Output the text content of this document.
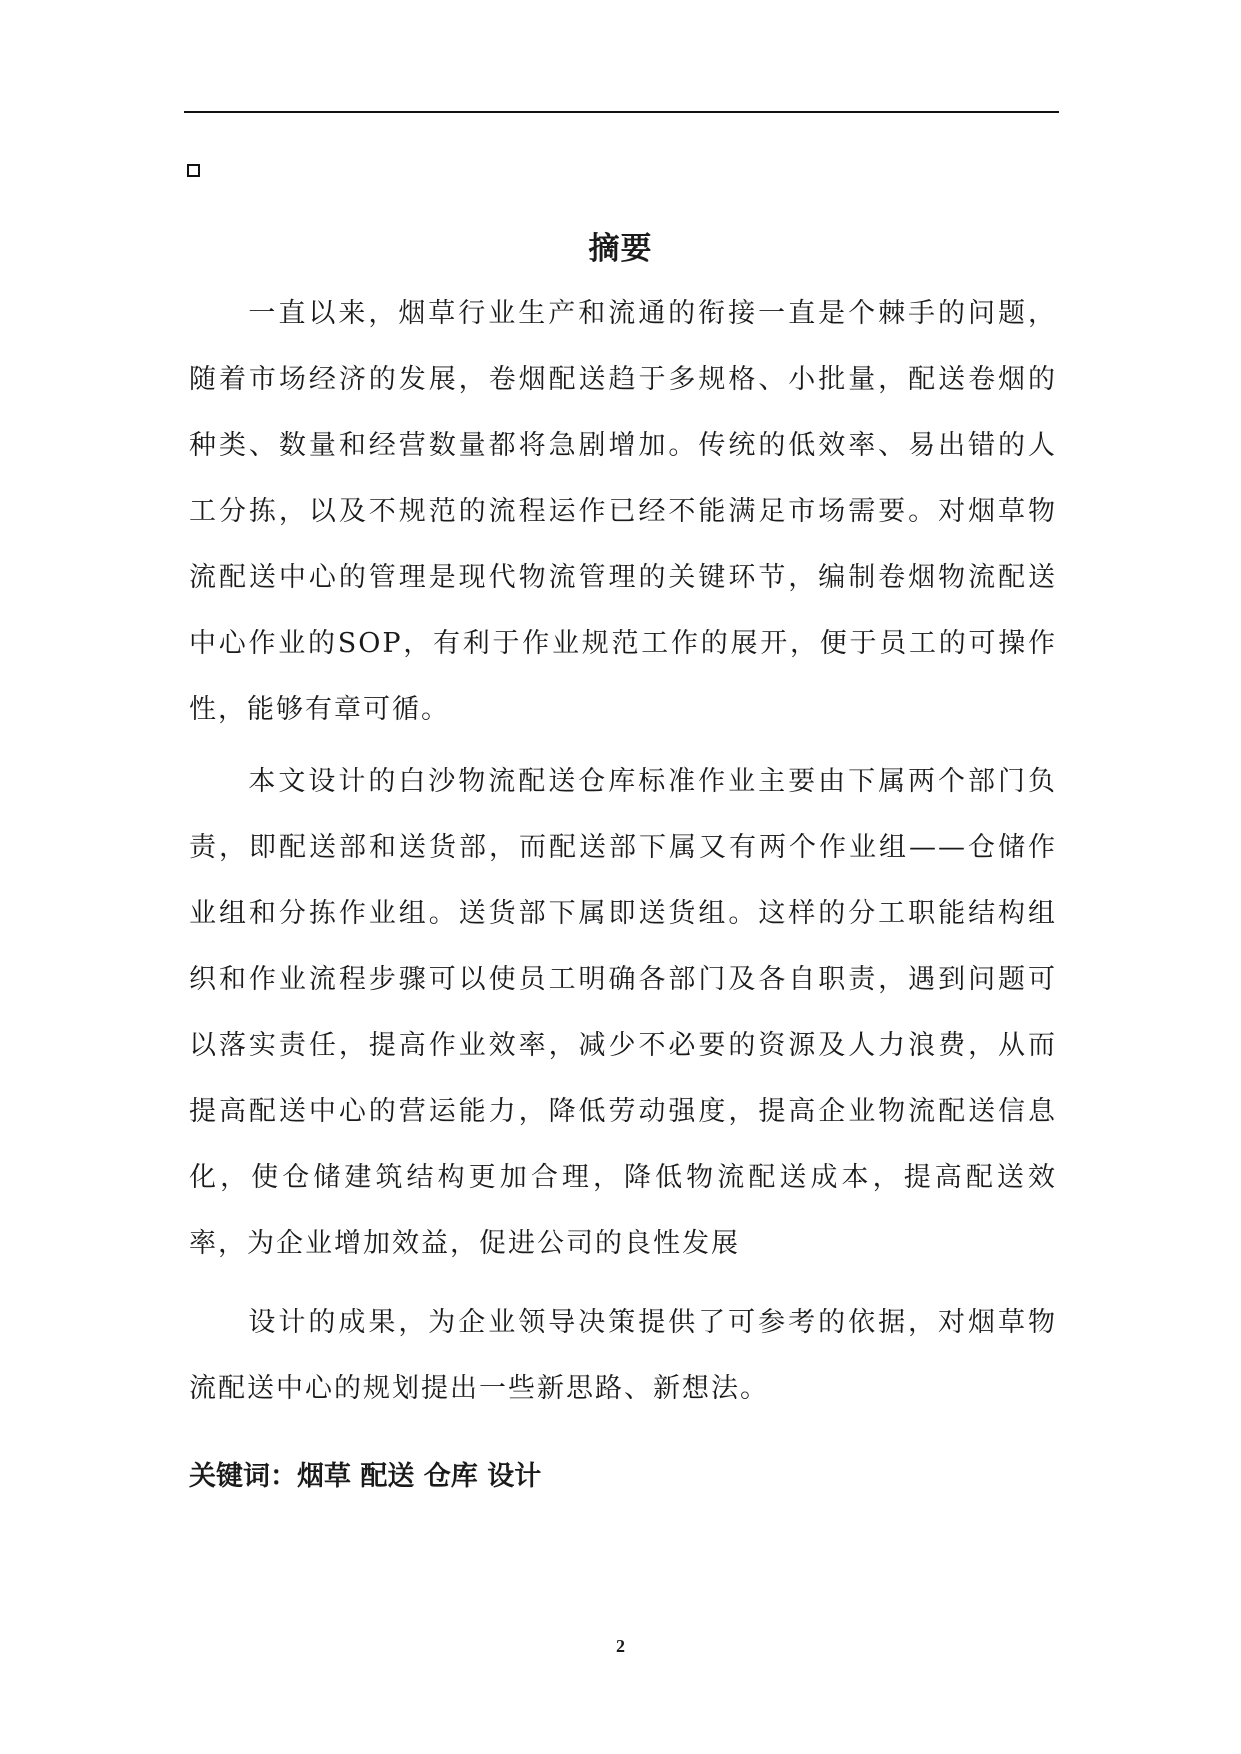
摘要

一直以来，烟草行业生产和流通的衔接一直是个棘手的问题，随着市场经济的发展，卷烟配送趋于多规格、小批量，配送卷烟的种类、数量和经营数量都将急剧增加。传统的低效率、易出错的人工分拣，以及不规范的流程运作已经不能满足市场需要。对烟草物流配送中心的管理是现代物流管理的关键环节，编制卷烟物流配送中心作业的SOP，有利于作业规范工作的展开，便于员工的可操作性，能够有章可循。

本文设计的白沙物流配送仓库标准作业主要由下属两个部门负责，即配送部和送货部，而配送部下属又有两个作业组——仓储作业组和分拣作业组。送货部下属即送货组。这样的分工职能结构组织和作业流程步骤可以使员工明确各部门及各自职责，遇到问题可以落实责任，提高作业效率，减少不必要的资源及人力浪费，从而提高配送中心的营运能力，降低劳动强度，提高企业物流配送信息化，使仓储建筑结构更加合理，降低物流配送成本，提高配送效率，为企业增加效益，促进公司的良性发展

设计的成果，为企业领导决策提供了可参考的依据，对烟草物流配送中心的规划提出一些新思路、新想法。

关键词：烟草 配送 仓库 设计

2
